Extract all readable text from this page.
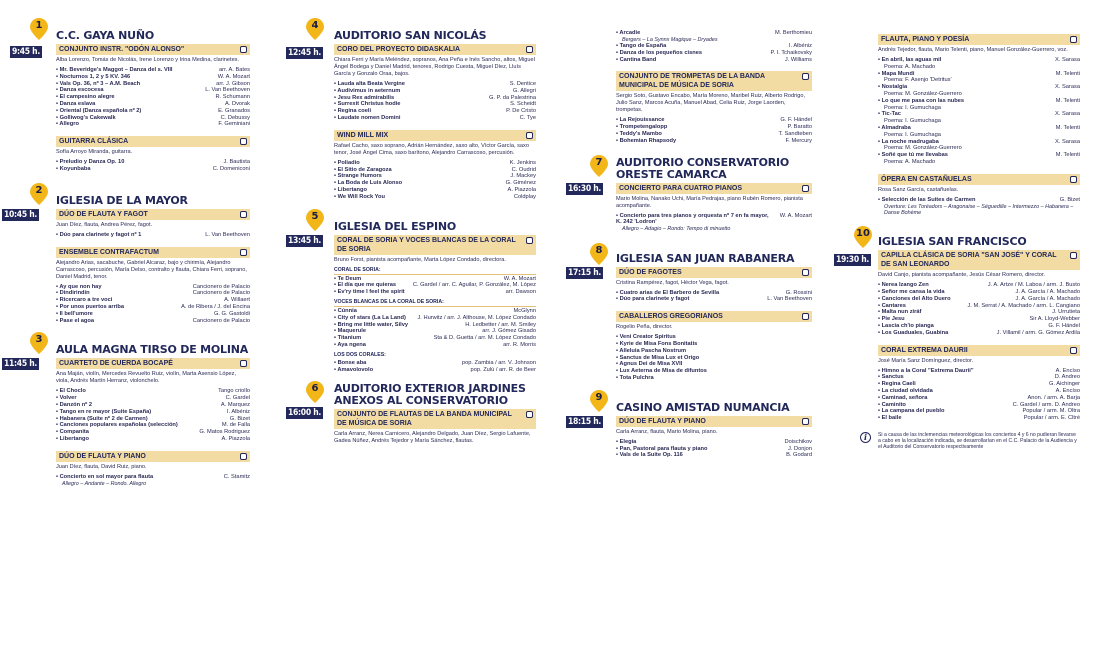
1
9:45 h.
C.C. GAYA NUÑO
CONJUNTO INSTR. "ODÓN ALONSO"
Alba Lorenzo, Tomás de Nicolás, Irene Lorenzo y Irina Medina, clarinetes.
• Mr. Beveridge's Maggot – Danza del s. VIII	arr. A. Bates
• Nocturnos 1, 2 y 5 KV. 346	W. A. Mozart
• Vals Op. 36, nº 3 – A.M. Beach	arr. J. Gibson
• Danza escocesa	L. Van Beethoven
• El campesino alegre	R. Schumann
• Danza eslava	A. Dvorak
• Oriental (Danza española nº 2)	E. Granados
• Golliwog's Cakewalk	C. Debussy
• Allegro	F. Geminiani
GUITARRA CLÁSICA
Sofía Arroyo Miranda, guitarra.
• Preludio y Danza Op. 10	J. Bautista
• Koyunbaba	C. Domeniconi
2
10:45 h.
IGLESIA DE LA MAYOR
DÚO DE FLAUTA Y FAGOT
Juan Díez, flauta, Andrea Pérez, fagot.
• Dúo para clarinete y fagot nº 1	L. Van Beethoven
ENSEMBLE CONTRAFACTUM
Alejandro Arias, sacabuche, Gabriel Alcaraz, bajo y chirimía, Alejandro Carrascoso, percusión, María Delso, contralto y flauta, Chiara Ferri, soprano, Daniel Madrid, tenor.
• Ay que non hay	Cancionero de Palacio
• Dindirindín	Cancionero de Palacio
• Ricercaro a tre voci	A. Willaert
• Por unos puertos arriba	A. de Ribera / J. del Encina
• Il bell'umore	G. G. Gastoldi
• Pase el agoa	Cancionero de Palacio
3
11:45 h.
AULA MAGNA TIRSO DE MOLINA
CUARTETO DE CUERDA BOCAPÉ
Ana Maján, violín, Mercedes Revuelto Ruiz, violín, Marta Asensio López, viola, Andrés Martín Herranz, violonchelo.
• El Choclo	Tango criollo
• Volver	C. Gardel
• Danzón nº 2	A. Marquez
• Tango en re mayor (Suite España)	I. Albéniz
• Habanera (Suite nº 2 de Carmen)	G. Bizet
• Canciones populares españolas (selección)	M. de Falla
• Companita	G. Matos Rodriguez
• Libertango	A. Piazzola
DÚO DE FLAUTA Y PIANO
Juan Díez, flauta, David Ruiz, piano.
• Concierto en sol mayor para flauta	C. Stamitz
Allegro – Andante – Rondo. Allegro
4
12:45 h.
AUDITORIO SAN NICOLÁS
CORO DEL PROYECTO DIDASKALIA
Chiara Ferri y María Meléndez, sopranos, Ana Peña e Inés Sancho, altos, Miguel Ángel Bodega y Daniel Madrid, tenores, Rodrigo Cuesta, Miguel Díez, Lluís García y Gonzalo Oraa, bajos.
• Lauda alta Beata Vergine	S. Dentice
• Audivimus in aeternum	G. Allegri
• Jesu Rex admirabilis	G. P. da Palestrina
• Surrexit Christus hodie	S. Scheidt
• Regina coeli	P. De Cristo
• Laudate nomen Domini	C. Tye
WIND MILL MIX
Rafael Cacho, saxo soprano, Adrián Hernández, saxo alto, Víctor García, saxo tenor, José Ángel Cima, saxo barítono, Alejandro Carrascoso, percusión.
• Poliadio	K. Jenkins
• El Sitio de Zaragoza	C. Oudrid
• Strange Humors	J. Mackey
• La Boda de Luis Alonso	G. Giménez
• Libertango	A. Piazzola
• We Will Rock You	Coldplay
5
13:45 h.
IGLESIA DEL ESPINO
CORAL DE SORIA Y VOCES BLANCAS DE LA CORAL DE SORIA
Bruno Forst, pianista acompañante, Marta López Condado, directora.
CORAL DE SORIA:
• Te Deum	W. A. Mozart
• El día que me quieras	C. Gardel / arr. C. Aguilar, P. González, M. López
• Ev'ry time I feel the spirit	arr. Dawson
VOCES BLANCAS DE LA CORAL DE SORIA:
• Cúnnia	McGlynn
• City of stars (La La Land)	J. Hurwitz / arr. J. Althouse, M. López Condado
• Bring me little water, Silvy	H. Ledbetter / arr. M. Smiley
• Maquerule	arr. J. Gómez Gisado
• Titanium	Sta & D. Guetta / arr. M. López Condado
• Aya ngena	arr. R. Morris
LOS DOS CORALES:
• Bonse aba	pop. Zambia / arr. V. Johnson
• Amavolovolo	pop. Zulú / arr. R. de Beer
6
16:00 h.
AUDITORIO EXTERIOR JARDINES ANEXOS AL CONSERVATORIO
CONJUNTO DE FLAUTAS DE LA BANDA MUNICIPAL DE MÚSICA DE SORIA
Carla Arranz, Nerea Carnicero, Alejandro Delgado, Juan Díez, Sergio Lafuente, Gadea Núñez, Andrés Tejedor y María Sánchez, flautas.
• Arcadie	M. Berthomieu
Bergers – La Synnx Magique – Dryades
• Tango de España	I. Albéniz
• Danza de los pequeños cisnes	P. I. Tchaikovsky
• Cantina Band	J. Williams
CONJUNTO DE TROMPETAS DE LA BANDA MUNICIPAL DE MÚSICA DE SORIA
Sergio Soto, Gustavo Encabo, María Moreno, Maribel Ruiz, Alberto Rodrigo, Julio Sanz, Marcos Acuña, Manuel Abad, Celia Ruiz, Jorge Laorden, trompetas.
• La Rejouissance	G. F. Händel
• Trompetengalopp	P. Baratto
• Teddy's Mambo	T. Sandteben
• Bohemian Rhapsody	F. Mercury
7
16:30 h.
AUDITORIO CONSERVATORIO ORESTE CAMARCA
CONCIERTO PARA CUATRO PIANOS
Mario Molina, Nanako Uchi, María Pedrajas, piano Rubén Romero, pianista acompañante.
• Concierto para tres pianos y orquesta nº 7 en fa mayor, K. 242 'Lodron'
W. A. Mozart
Allegro – Adagio – Rondo: Tempo di minuetto
8
17:15 h.
IGLESIA SAN JUAN RABANERA
DÚO DE FAGOTES
Cristina Rampérez, fagot, Héctor Vega, fagot.
• Cuatro arias de El Barbero de Sevilla	G. Rossini
• Dúo para clarinete y fagot	L. Van Beethoven
CABALLEROS GREGORIANOS
Rogelio Peña, director.
• Veni Creator Spiritus
• Kyrie de Misa Fons Bonitatis
• Alleluia Pascha Nostrum
• Sanctus de Misa Lux et Origo
• Agnus Dei de Misa XVII
• Lux Aeterna de Misa de difuntos
• Tota Pulchra
9
18:15 h.
CASINO AMISTAD NUMANCIA
DÚO DE FLAUTA Y PIANO
Carla Arranz, flauta, Mario Molina, piano.
• Elegía	Doischikov
• Pan, Pastoral para flauta y piano	J. Donjon
• Vals de la Suite Op. 116	B. Godard
FLAUTA, PIANO Y POESÍA
Andrés Tejedor, flauta, Mario Telenti, piano, Manuel González-Guerrero, voz.
• En abril, las aguas mil	X. Sarasa
Poema: A. Machado
• Mapa Mundi	M. Telenti
Poema: F. Asenjo 'Detritus'
• Nostalgia	X. Sarasa
Poema: M. González-Guerrero
• Lo que me pasa con las nubes	M. Telenti
Poema: I. Gumuchaga
• Tic-Tac	X. Sarasa
Poema: I. Gumuchaga
• Almadraba	M. Telenti
Poema: I. Gumuchaga
• La noche madrugaba	X. Sarasa
Poema: M. González-Guerrero
• Soñé que tú me llevabas	M. Telenti
Poema: A. Machado
ÓPERA EN CASTAÑUELAS
Rosa Sanz García, castañuelas.
• Selección de las Suites de Carmen	G. Bizet
Overture: Les Toréadors – Aragonaise – Séguedille – Intermezzo – Habanera – Danse Bohème
10
19:30 h.
IGLESIA SAN FRANCISCO
CAPILLA CLÁSICA DE SORIA "SAN JOSÉ" Y CORAL DE SAN LEONARDO
David Canjo, pianista acompañante, Jesús César Romero, director.
• Nerea Izango Zen	J. A. Artze / M. Laboa / arm. J. Busto
• Señor me cansa la vida	J. A. García / A. Machado
• Canciones del Alto Duero	J. A. García / A. Machado
• Cantares	J. M. Serrat / A. Machado / arm. L. Cangiano
• Malta nun ziráf	J. Urrutieta
• Pie Jesu	Sir A. Lloyd-Webber
• Lascia ch'io pianga	G. F. Händel
• Los Guaduales, Guabina	J. Villamil / arm. G. Gómez Ardila
CORAL EXTREMA DAURII
José María Sanz Domínguez, director.
• Himno a la Coral "Extrema Daurii"	A. Encíso
• Sanctus	D. Andreo
• Regina Caeli	G. Aichinger
• La ciudad olvidada	A. Encíso
• Caminad, señora	Anon. / arm. A. Barja
• Caminito	C. Gardel / arm. D. Andreo
• La campana del pueblo	Popular / arm. M. Oltra
• El baile	Popular / arm. E. Cltré
i	Si a causa de las inclemencias meteorológicas los conciertos 4 y 6 no pudieran llevarse a cabo en la localización indicada, se desarrollarían en el C.C. Palacio de la Audiencia y el Auditorio del Conservatorio respectivamente
